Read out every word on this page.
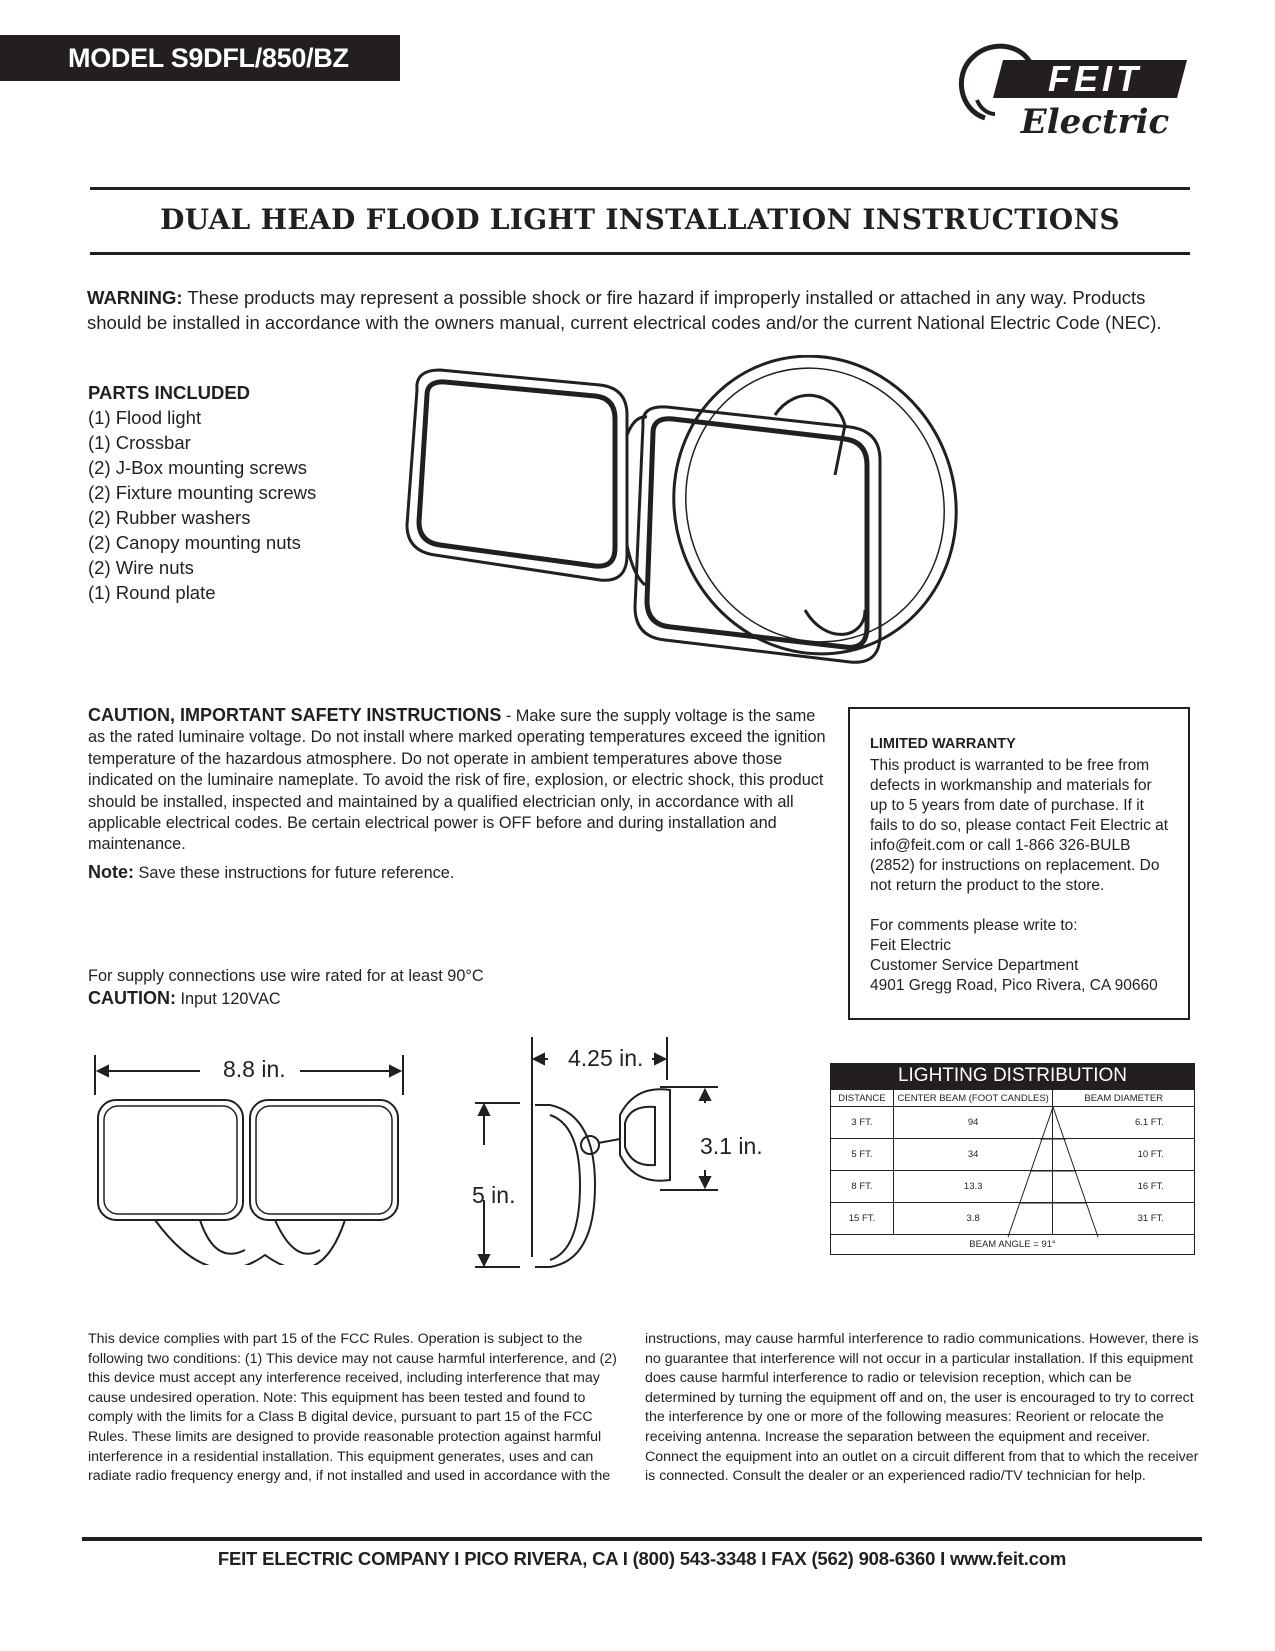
MODEL S9DFL/850/BZ	FEIT
Electric
DUAL HEAD FLOOD LIGHT INSTALLATION INSTRUCTIONS

WARNING: These products may represent a possible shock or fire hazard if improperly installed or attached in any way. Products should be installed in accordance with the owners manual, current electrical codes and/or the current National Electric Code (NEC).

PARTS INCLUDED
(1) Flood light
(1) Crossbar
(2) J-Box mounting screws
(2) Fixture mounting screws
(2) Rubber washers
(2) Canopy mounting nuts
(2) Wire nuts
(1) Round plate

CAUTION, IMPORTANT SAFETY INSTRUCTIONS - Make sure the supply voltage is the same as the rated luminaire voltage. Do not install where marked operating temperatures exceed the ignition temperature of the hazardous atmosphere. Do not operate in ambient temperatures above those indicated on the luminaire nameplate. To avoid the risk of fire, explosion, or electric shock, this product should be installed, inspected and maintained by a qualified electrician only, in accordance with all applicable electrical codes. Be certain electrical power is OFF before and during installation and maintenance.

Note: Save these instructions for future reference.

LIMITED WARRANTY

This product is warranted to be free from defects in workmanship and materials for up to 5 years from date of purchase. If it fails to do so, please contact Feit Electric at info@feit.com or call 1-866 326-BULB (2852) for instructions on replacement. Do not return the product to the store.

For comments please write to:
Feit Electric
Customer Service Department
4901 Gregg Road, Pico Rivera, CA 90660
For supply connections use wire rated for at least 90°C
CAUTION: Input 120VAC
8.8 in.	4.25 in.
5 in.
3.1 in.
LIGHTING DISTRIBUTION
DISTANCE	CENTER BEAM (FOOT CANDLES)	BEAM DIAMETER
3 FT.	94	6.1 FT.
5 FT.	34	10 FT.
8 FT.	13.3	16 FT.
15 FT.	3.8	31 FT.
BEAM ANGLE = 91°		

This device complies with part 15 of the FCC Rules. Operation is subject to the following two conditions: (1) This device may not cause harmful interference, and (2) this device must accept any interference received, including interference that may cause undesired operation. Note: This equipment has been tested and found to comply with the limits for a Class B digital device, pursuant to part 15 of the FCC Rules. These limits are designed to provide reasonable protection against harmful interference in a residential installation. This equipment generates, uses and can radiate radio frequency energy and, if not installed and used in accordance with the

instructions, may cause harmful interference to radio communications. However, there is no guarantee that interference will not occur in a particular installation. If this equipment does cause harmful interference to radio or television reception, which can be determined by turning the equipment off and on, the user is encouraged to try to correct the interference by one or more of the following measures: Reorient or relocate the receiving antenna. Increase the separation between the equipment and receiver. Connect the equipment into an outlet on a circuit different from that to which the receiver is connected. Consult the dealer or an experienced radio/TV technician for help.

FEIT ELECTRIC COMPANY I PICO RIVERA, CA I (800) 543-3348 I FAX (562) 908-6360 I www.feit.com
